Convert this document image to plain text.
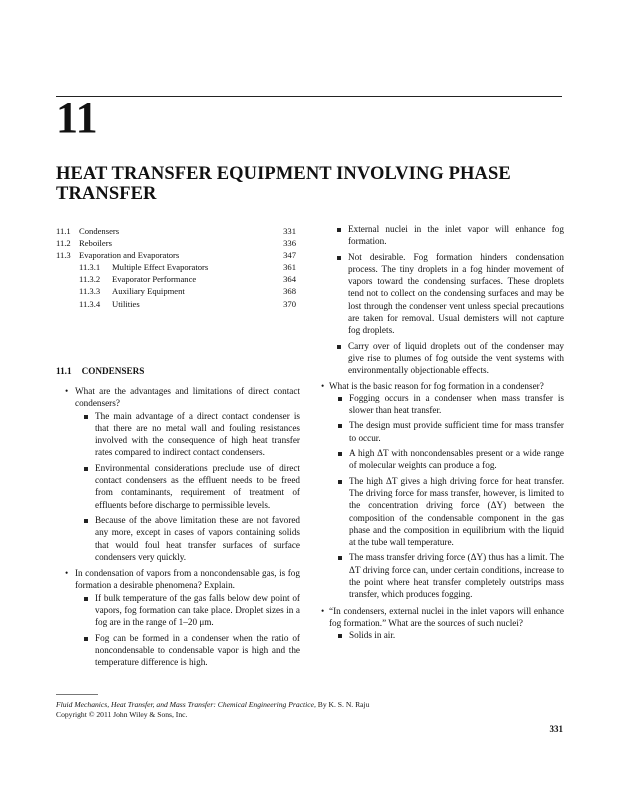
11
HEAT TRANSFER EQUIPMENT INVOLVING PHASE TRANSFER
11.1 Condensers	331
11.2 Reboilers	336
11.3 Evaporation and Evaporators	347
11.3.1 Multiple Effect Evaporators	361
11.3.2 Evaporator Performance	364
11.3.3 Auxiliary Equipment	368
11.3.4 Utilities	370
11.1 CONDENSERS
• What are the advantages and limitations of direct contact condensers?
The main advantage of a direct contact condenser is that there are no metal wall and fouling resistances involved with the consequence of high heat transfer rates compared to indirect contact condensers.
Environmental considerations preclude use of direct contact condensers as the effluent needs to be freed from contaminants, requirement of treatment of effluents before discharge to permissible levels.
Because of the above limitation these are not favored any more, except in cases of vapors containing solids that would foul heat transfer surfaces of surface condensers very quickly.
• In condensation of vapors from a noncondensable gas, is fog formation a desirable phenomena? Explain.
If bulk temperature of the gas falls below dew point of vapors, fog formation can take place. Droplet sizes in a fog are in the range of 1–20 μm.
Fog can be formed in a condenser when the ratio of noncondensable to condensable vapor is high and the temperature difference is high.
External nuclei in the inlet vapor will enhance fog formation.
Not desirable. Fog formation hinders condensation process. The tiny droplets in a fog hinder movement of vapors toward the condensing surfaces. These droplets tend not to collect on the condensing surfaces and may be lost through the condenser vent unless special precautions are taken for removal. Usual demisters will not capture fog droplets.
Carry over of liquid droplets out of the condenser may give rise to plumes of fog outside the vent systems with environmentally objectionable effects.
• What is the basic reason for fog formation in a condenser?
Fogging occurs in a condenser when mass transfer is slower than heat transfer.
The design must provide sufficient time for mass transfer to occur.
A high ΔT with noncondensables present or a wide range of molecular weights can produce a fog.
The high ΔT gives a high driving force for heat transfer. The driving force for mass transfer, however, is limited to the concentration driving force (ΔY) between the composition of the condensable component in the gas phase and the composition in equilibrium with the liquid at the tube wall temperature.
The mass transfer driving force (ΔY) thus has a limit. The ΔT driving force can, under certain conditions, increase to the point where heat transfer completely outstrips mass transfer, which produces fogging.
• “In condensers, external nuclei in the inlet vapors will enhance fog formation.” What are the sources of such nuclei?
Solids in air.
Fluid Mechanics, Heat Transfer, and Mass Transfer: Chemical Engineering Practice, By K. S. N. Raju
Copyright © 2011 John Wiley & Sons, Inc.
331
